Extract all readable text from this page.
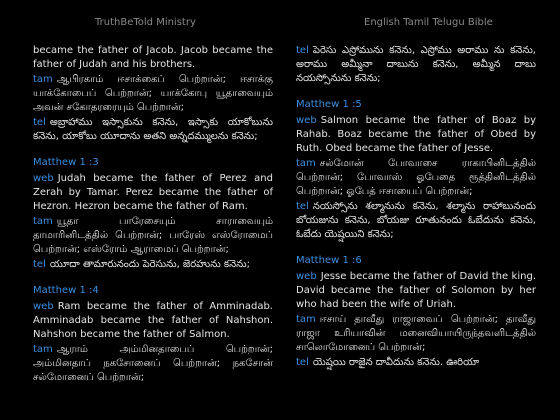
TruthBeTold Ministry	English Tamil Telugu Bible
became the father of Jacob. Jacob became the father of Judah and his brothers.
tam ஆபிரகாம் ஈசாக்கைப் பெற்றான்; ஈசாக்கு யாக்கோபைப் பெற்றான்; யாக்கோபு யூதாவையும் அவன் சகோதரரையும் பெற்றான்;
tel అబ్రాహాము ఇస్సాకును కనెను, ఇస్సాకు యాకోబును కనెను, యాకోబు యూదాను అతని అన్నదమ్ములను కనెను;
Matthew 1 :3
web Judah became the father of Perez and Zerah by Tamar. Perez became the father of Hezron. Hezron became the father of Ram.
tam யூதா பாரேசையும் சாராவையும் தாமாரினிடத்தில் பெற்றான்; பாரேஸ் எஸ்ரோமைப் பெற்றான்; எஸ்ரோம் ஆராமைப் பெற்றான்;
tel యూదా తామారునందు పెరెసును, జెరహును కనెను;
Matthew 1 :4
web Ram became the father of Amminadab. Amminadab became the father of Nahshon. Nahshon became the father of Salmon.
tam ஆராம் அம்மினதாபைப் பெற்றான்; அம்மினதாப் நகசோனைப் பெற்றான்; நகசோன் சல்மோனைப் பெற்றான்;
tel పెరెసు ఎస్రోమును కనెను, ఎస్రోము అరాము ను కనెను, అరాము అమ్మీనా దాబును కనెను, అమ్మీన దాబు నయస్సోనును కనెను;
Matthew 1 :5
web Salmon became the father of Boaz by Rahab. Boaz became the father of Obed by Ruth. Obed became the father of Jesse.
tam சல்மோன் போவாசை ராகாபினிடத்தில் பெற்றான்; போவாஸ் ஓபேதை ரூத்தினிடத்தில் பெற்றான்; ஓபேத் ஈசாயைப் பெற்றான்;
tel నయస్సోను శల్మానును కనెను, శల్మాను రాహాబునందు బోయజును కనెను, బోయజు రూతునందు ఓబేదును కనెను, ఓబేదు యెష్షయిని కనెను;
Matthew 1 :6
web Jesse became the father of David the king. David became the father of Solomon by her who had been the wife of Uriah.
tam ஈசாய் தாவீது ராஜாவைப் பெற்றான்; தாவீது ராஜா உரியாவின் மனைவியாயிருந்தவளிடத்தில் சாலொமோனைப் பெற்றான்;
tel యెష్షయి రాజైన దావీదును కనెను. ఊరియా
